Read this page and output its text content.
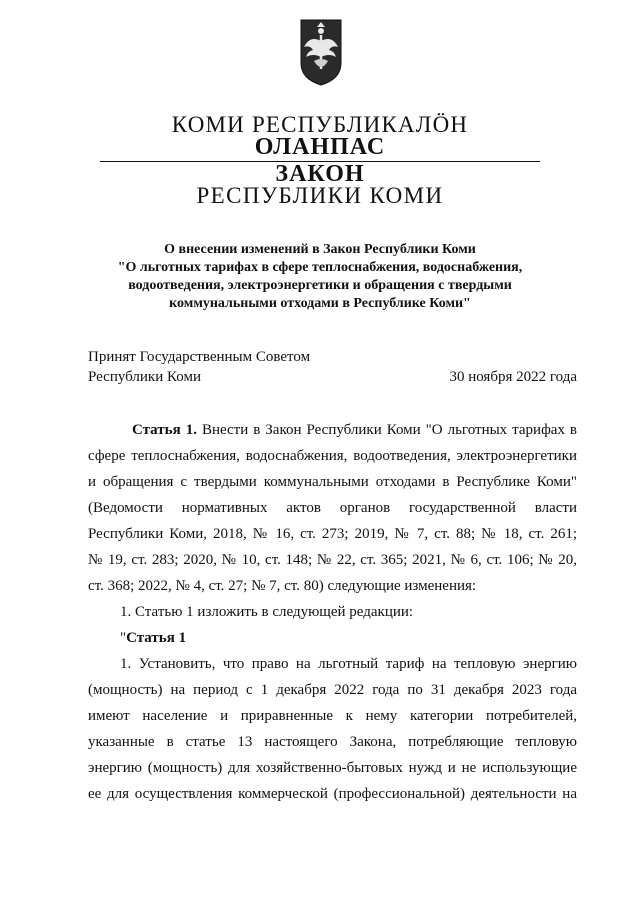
КОМИ РЕСПУБЛИКАЛÖН
ОЛАНПАС
ЗАКОН
РЕСПУБЛИКИ КОМИ
О внесении изменений в Закон Республики Коми
"О льготных тарифах в сфере теплоснабжения, водоснабжения,
водоотведения, электроэнергетики и обращения с твердыми
коммунальными отходами в Республике Коми"
Принят Государственным Советом
Республики Коми	30 ноября 2022 года
Статья 1. Внести в Закон Республики Коми "О льготных тарифах в
сфере теплоснабжения, водоснабжения, водоотведения, электроэнергетики
и обращения с твердыми коммунальными отходами в Республике Коми"
(Ведомости нормативных актов органов государственной власти
Республики Коми, 2018, № 16, ст. 273; 2019, № 7, ст. 88; № 18, ст. 261;
№ 19, ст. 283; 2020, № 10, ст. 148; № 22, ст. 365; 2021, № 6, ст. 106; № 20,
ст. 368; 2022, № 4, ст. 27; № 7, ст. 80) следующие изменения:
1. Статью 1 изложить в следующей редакции:
"Статья 1
1. Установить, что право на льготный тариф на тепловую энергию
(мощность) на период с 1 декабря 2022 года по 31 декабря 2023 года
имеют население и приравненные к нему категории потребителей,
указанные в статье 13 настоящего Закона, потребляющие тепловую
энергию (мощность) для хозяйственно-бытовых нужд и не использующие
ее для осуществления коммерческой (профессиональной) деятельности на
